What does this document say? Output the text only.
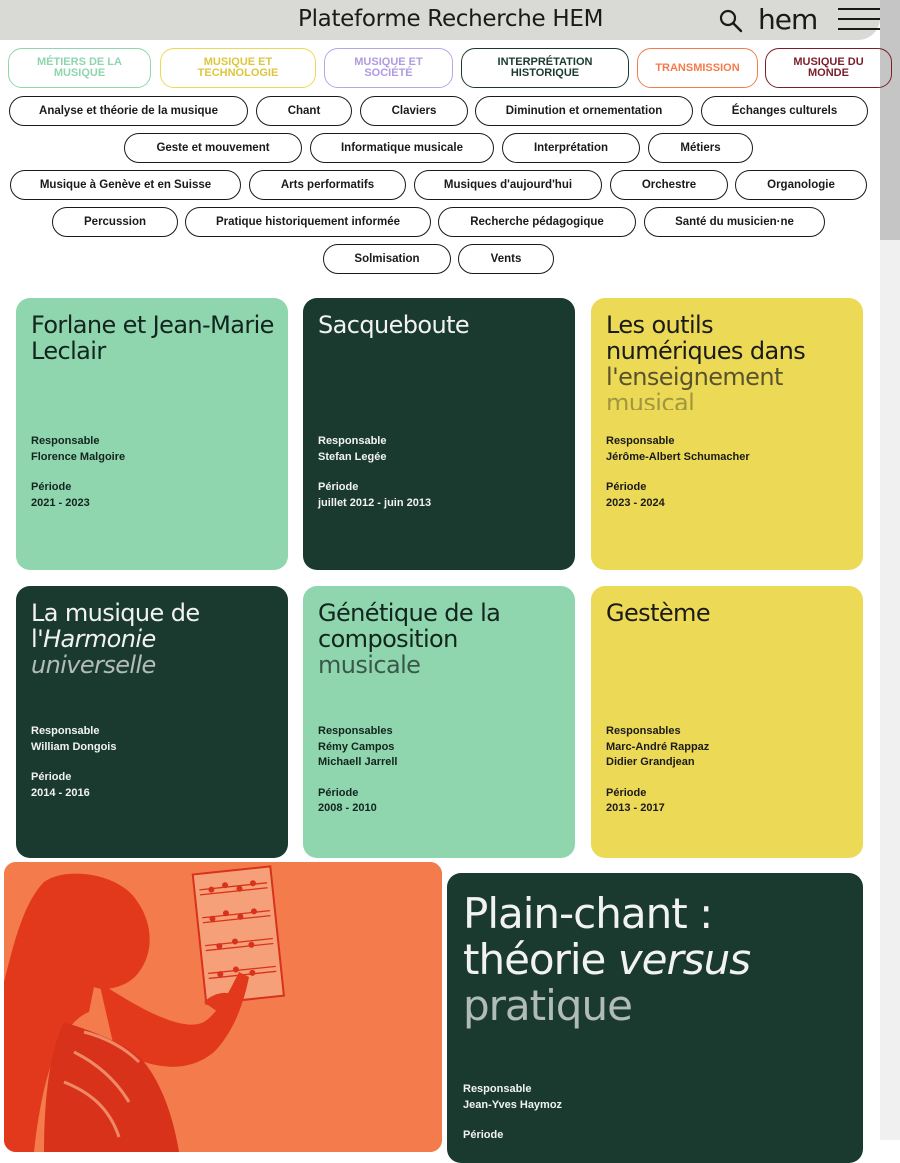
Plateforme Recherche HEM	hem
MÉTIERS DE LA MUSIQUE
MUSIQUE ET TECHNOLOGIE
MUSIQUE ET SOCIÉTÉ
INTERPRÉTATION HISTORIQUE	TRANSMISSION	MUSIQUE DU MONDE
Analyse et théorie de la musique	Chant	Claviers	Diminution et ornementation	Échanges culturels
Geste et mouvement	Informatique musicale	Interprétation	Métiers
Musique à Genève et en Suisse	Arts performatifs	Musiques d'aujourd'hui	Orchestre	Organologie
Percussion	Pratique historiquement informée	Recherche pédagogique	Santé du musicien·ne
Solmisation	Vents
Forlane et Jean-Marie Leclair
Responsable
Florence Malgoire
Période
2021 - 2023
Sacqueboute
Responsable
Stefan Legée
Période
juillet 2012 - juin 2013
Les outils
numériques dans
l'enseignement
musical
Responsable
Jérôme-Albert Schumacher
Période
2023 - 2024
La musique de
l'Harmonie
universelle
Responsable
William Dongois
Période
2014 - 2016
Génétique de la
composition
musicale
Responsables
Rémy Campos
Michaell Jarrell
Période
2008 - 2010
Gestème
Responsables
Marc-André Rappaz
Didier Grandjean
Période
2013 - 2017
Plain-chant :
théorie versus
pratique
Responsable
Jean-Yves Haymoz
Période
